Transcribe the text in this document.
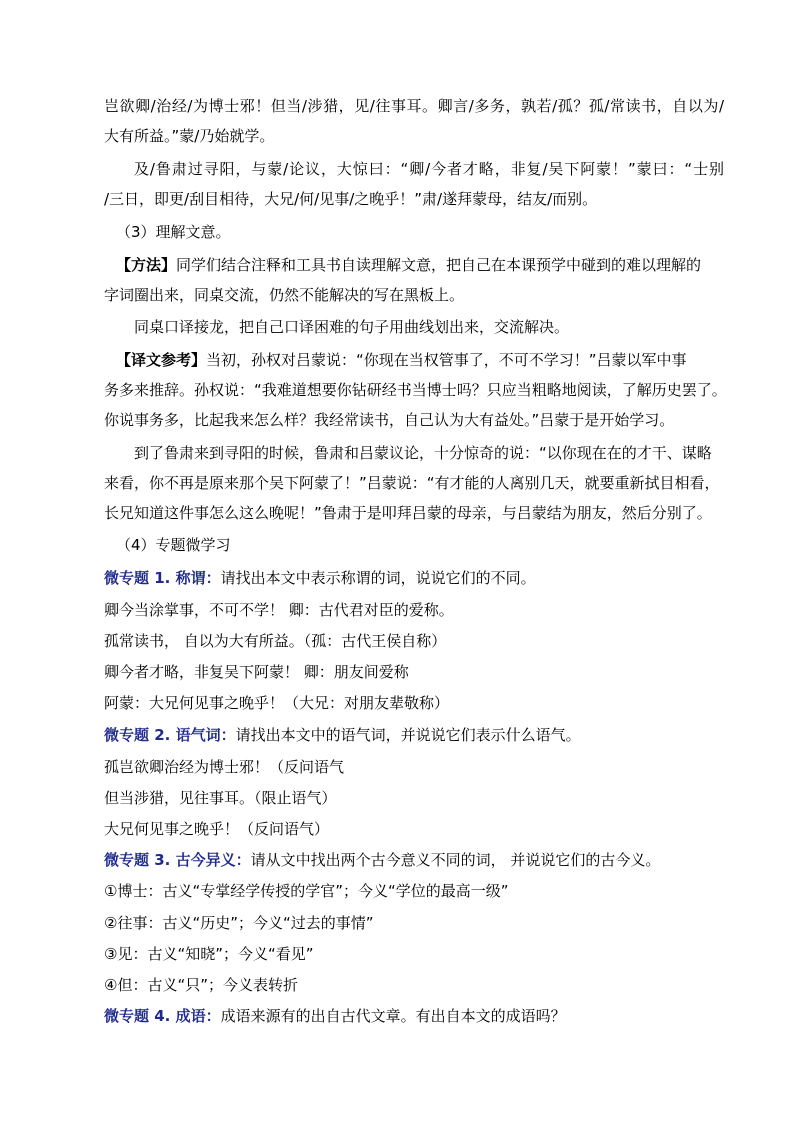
岂欲卿/治经/为博士邪！但当/涉猎，见/往事耳。卿言/多务，孰若/孤？孤/常读书，自以为/
大有所益。”蒙/乃始就学。
及/鲁肃过寻阳，与蒙/论议，大惊曰：“卿/今者才略，非复/吴下阿蒙！”蒙曰：“士别
/三日，即更/刮目相待，大兄/何/见事/之晚乎！”肃/遂拜蒙母，结友/而别。
（3）理解文意。
【方法】同学们结合注释和工具书自读理解文意，把自己在本课预学中碰到的难以理解的
字词圈出来，同桌交流，仍然不能解决的写在黑板上。
同桌口译接龙，把自己口译困难的句子用曲线划出来，交流解决。
【译文参考】当初，孙权对吕蒙说：“你现在当权管事了，不可不学习！”吕蒙以军中事
务多来推辞。孙权说：“我难道想要你钻研经书当博士吗？只应当粗略地阅读，了解历史罢了。
你说事务多，比起我来怎么样？我经常读书，自己认为大有益处。”吕蒙于是开始学习。
到了鲁肃来到寻阳的时候，鲁肃和吕蒙议论，十分惊奇的说：“以你现在在的才干、谋略
来看，你不再是原来那个吴下阿蒙了！”吕蒙说：“有才能的人离别几天，就要重新拭目相看，
长兄知道这件事怎么这么晚呢！”鲁肃于是叩拜吕蒙的母亲，与吕蒙结为朋友，然后分别了。
（4）专题微学习
微专题 1. 称谓：请找出本文中表示称谓的词，说说它们的不同。
卿今当涂掌事，不可不学！ 卿：古代君对臣的爱称。
孤常读书， 自以为大有所益。（孤：古代王侯自称）
卿今者才略，非复吴下阿蒙！ 卿：朋友间爱称
阿蒙：大兄何见事之晚乎！（大兄：对朋友辈敬称）
微专题 2. 语气词：请找出本文中的语气词，并说说它们表示什么语气。
孤岂欲卿治经为博士邪！（反问语气
但当涉猎，见往事耳。（限止语气）
大兄何见事之晚乎！（反问语气）
微专题 3. 古今异义：请从文中找出两个古今意义不同的词， 并说说它们的古今义。
①博士：古义“专掌经学传授的学官”；今义“学位的最高一级”
②往事：古义“历史”；今义“过去的事情”
③见：古义“知晓”；今义“看见”
④但：古义“只”；今义表转折
微专题 4. 成语：成语来源有的出自古代文章。有出自本文的成语吗？
